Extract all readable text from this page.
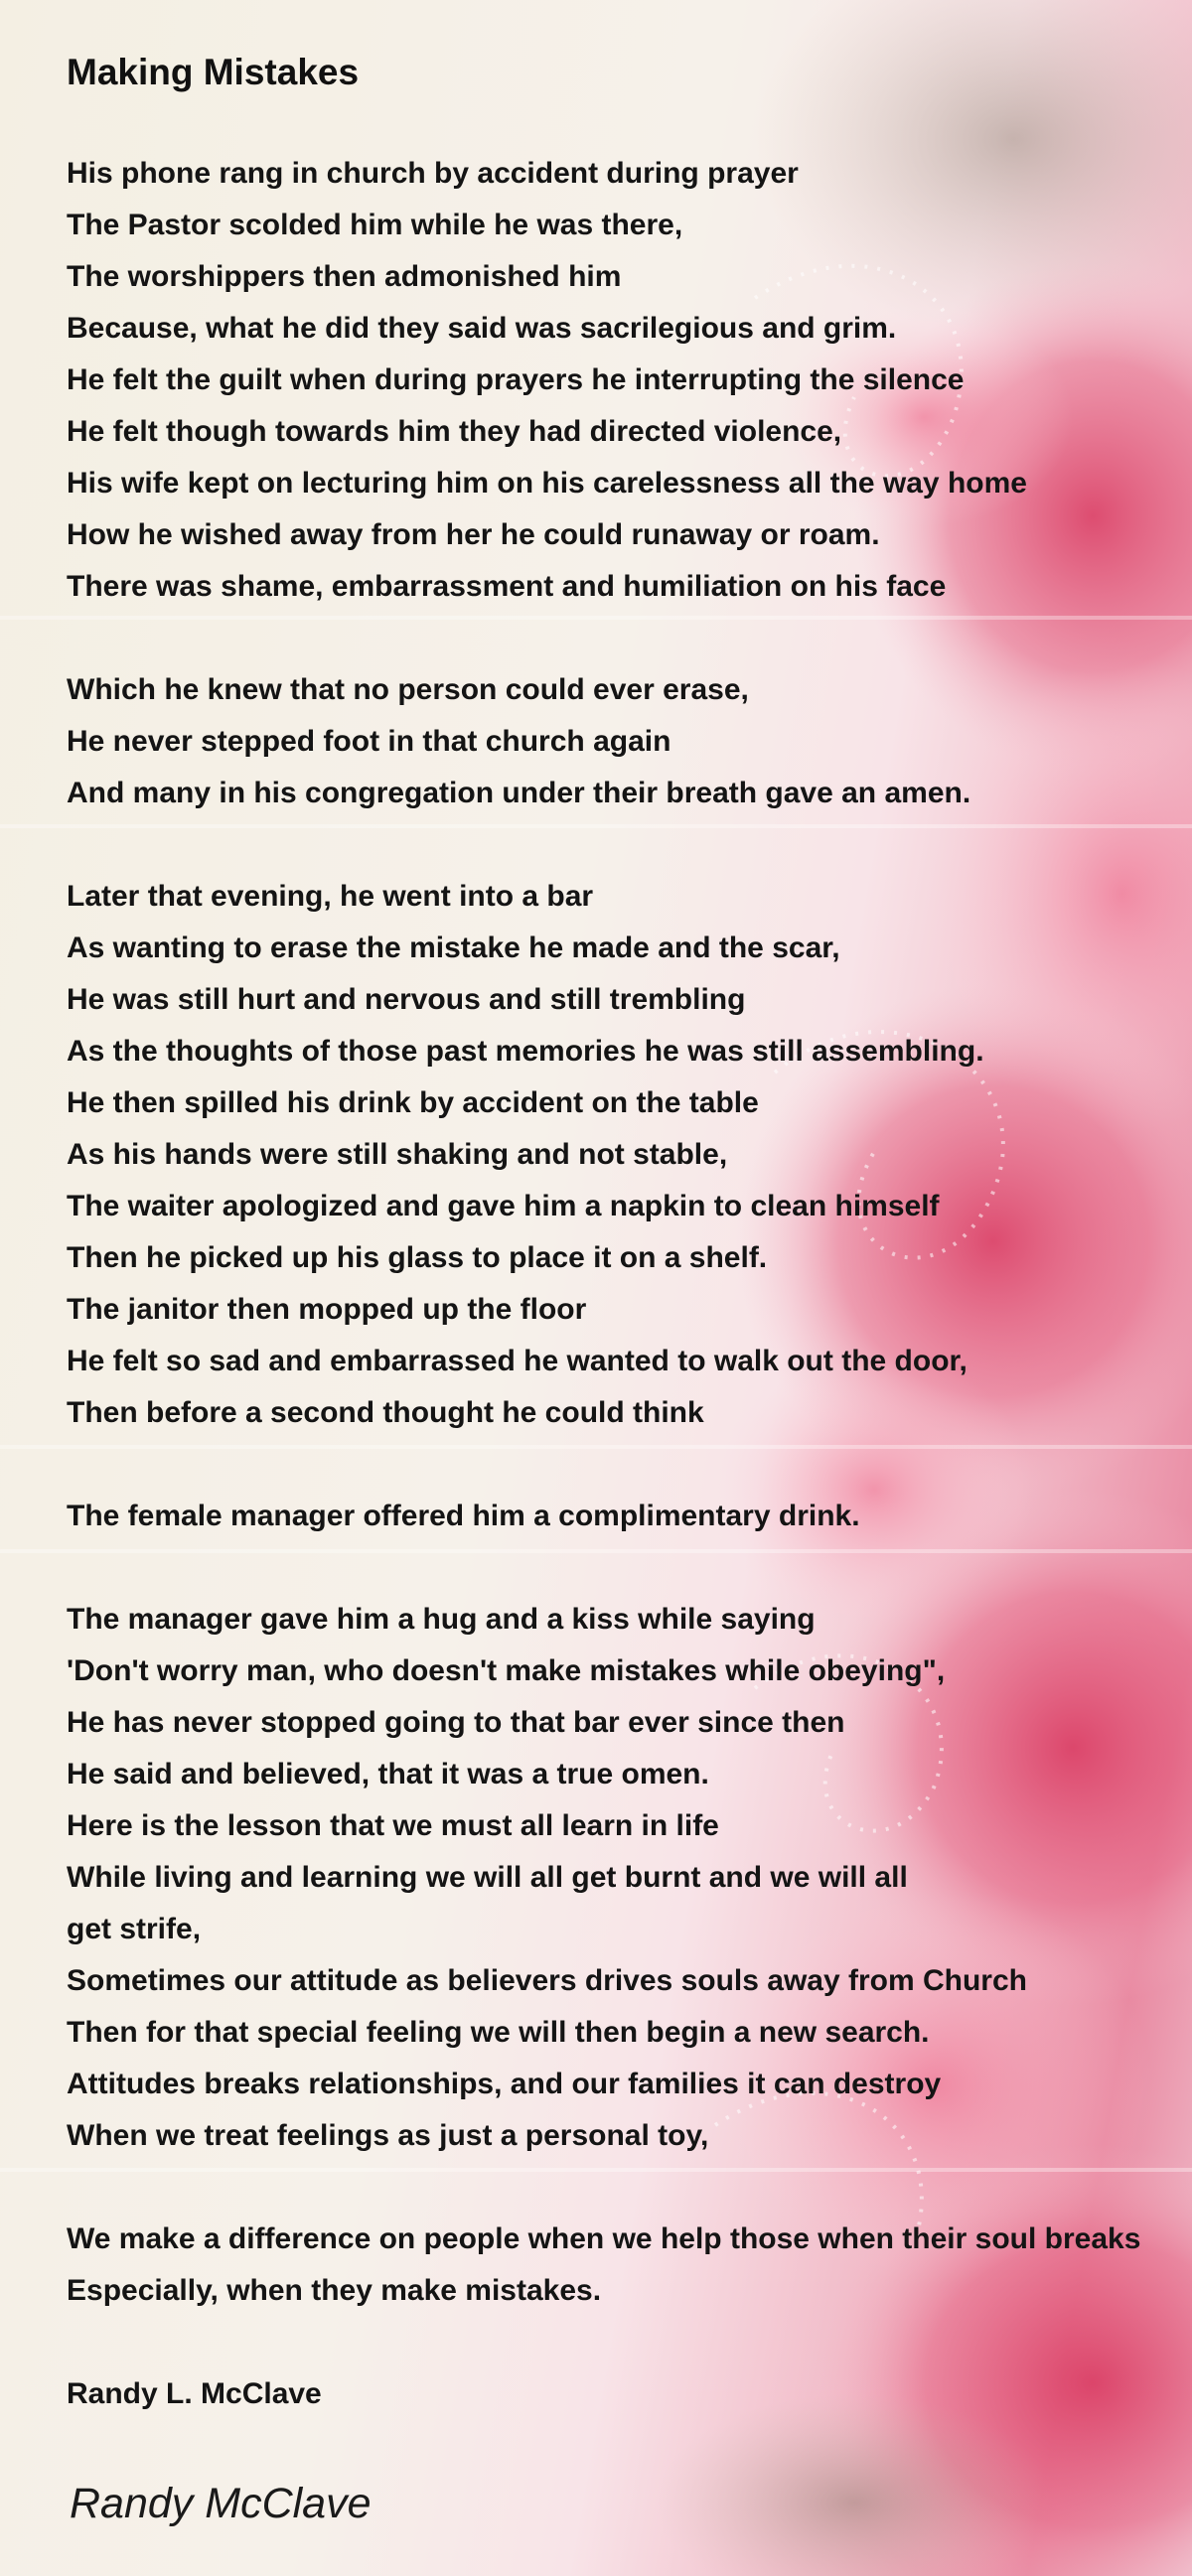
Making Mistakes
His phone rang in church by accident during prayer
The Pastor scolded him while he was there,
The worshippers then admonished him
Because, what he did they said was sacrilegious and grim.
He felt the guilt when during prayers he interrupting the silence
He felt though towards him they had directed violence,
His wife kept on lecturing him on his carelessness all the way home
How he wished away from her he could runaway or roam.
There was shame, embarrassment and humiliation on his face
Which he knew that no person could ever erase,
He never stepped foot in that church again
And many in his congregation under their breath gave an amen.
Later that evening, he went into a bar
As wanting to erase the mistake he made and the scar,
He was still hurt and nervous and still trembling
As the thoughts of those past memories he was still assembling.
He then spilled his drink by accident on the table
As his hands were still shaking and not stable,
The waiter apologized and gave him a napkin to clean himself
Then he picked up his glass to place it on a shelf.
The janitor then mopped up the floor
He felt so sad and embarrassed he wanted to walk out the door,
Then before a second thought he could think
The female manager offered him a complimentary drink.
The manager gave him a hug and a kiss while saying
'Don't worry man, who doesn't make mistakes while obeying",
He has never stopped going to that bar ever since then
He said and believed, that it was a true omen.
Here is the lesson that we must all learn in life
While living and learning we will all get burnt and we will all
get strife,
Sometimes our attitude as believers drives souls away from Church
Then for that special feeling we will then begin a new search.
Attitudes breaks relationships, and our families it can destroy
When we treat feelings as just a personal toy,
We make a difference on people when we help those when their soul breaks
Especially, when they make mistakes.
Randy L. McClave
Randy McClave
